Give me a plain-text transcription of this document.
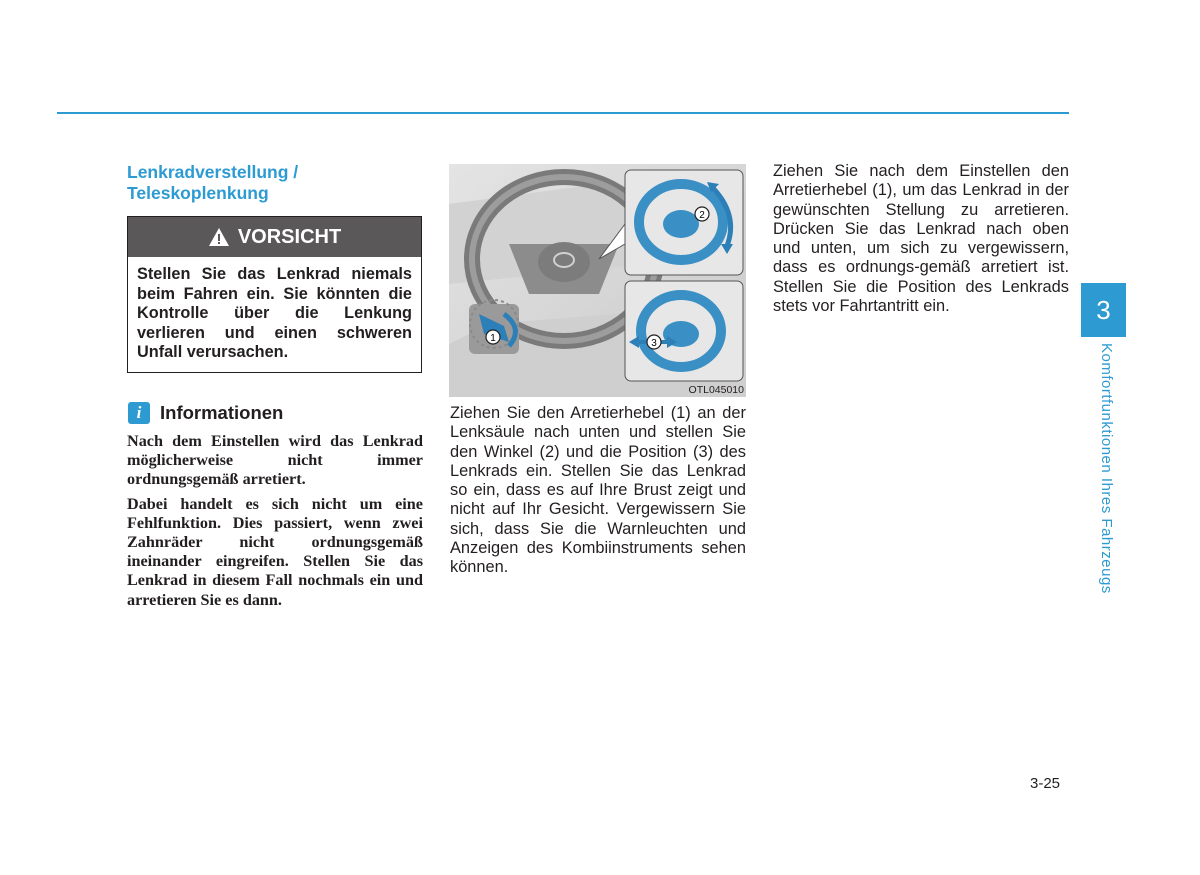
Lenkradverstellung /
Teleskoplenkung
VORSICHT
Stellen Sie das Lenkrad niemals beim Fahren ein. Sie könnten die Kontrolle über die Lenkung verlieren und einen schweren Unfall verursachen.
i	Informationen

Nach dem Einstellen wird das Lenkrad möglicherweise nicht immer ordnungsgemäß arretiert.

Dabei handelt es sich nicht um eine Fehlfunktion. Dies passiert, wenn zwei Zahnräder nicht ordnungsgemäß ineinander eingreifen. Stellen Sie das Lenkrad in diesem Fall nochmals ein und arretieren Sie es dann.

1
2
3
OTL045010
Ziehen Sie den Arretierhebel (1) an der Lenksäule nach unten und stellen Sie den Winkel (2) und die Position (3) des Lenkrads ein. Stellen Sie das Lenkrad so ein, dass es auf Ihre Brust zeigt und nicht auf Ihr Gesicht. Vergewissern Sie sich, dass Sie die Warnleuchten und Anzeigen des Kombiinstruments sehen können.
Ziehen Sie nach dem Einstellen den Arretierhebel (1), um das Lenkrad in der gewünschten Stellung zu arretieren. Drücken Sie das Lenkrad nach oben und unten, um sich zu vergewissern, dass es ordnungs-gemäß arretiert ist. Stellen Sie die Position des Lenkrads stets vor Fahrtantritt ein.	3
Komfortfunktionen Ihres Fahrzeugs
3-25
